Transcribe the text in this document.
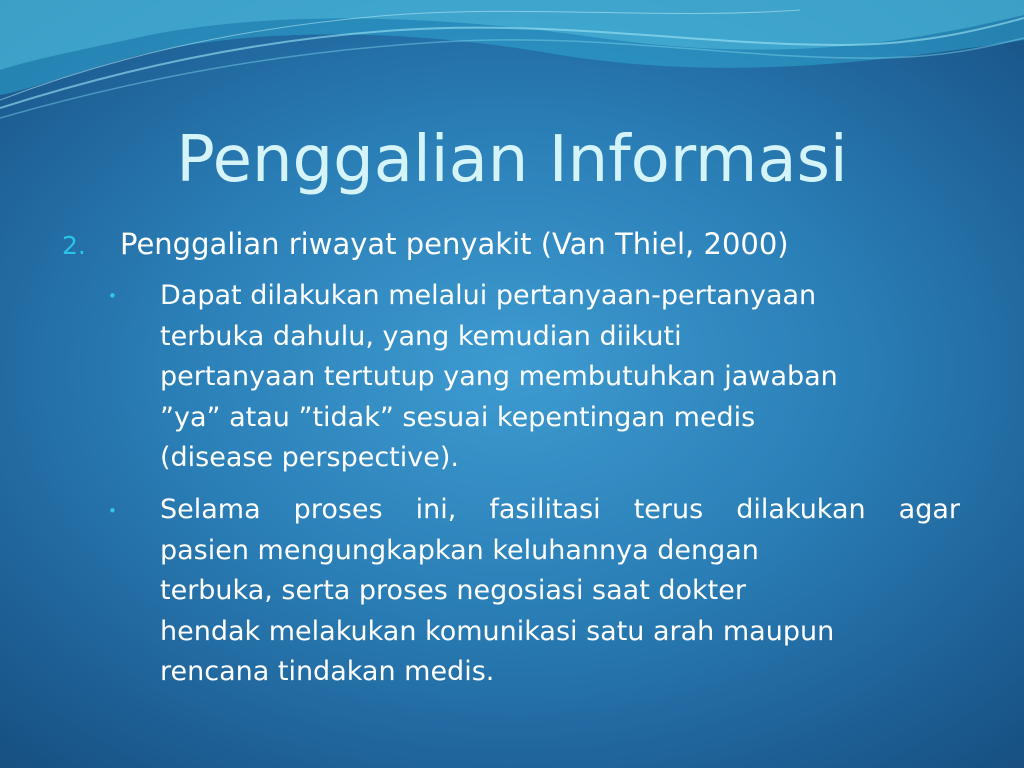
Penggalian Informasi
2. Penggalian riwayat penyakit (Van Thiel, 2000)
• Dapat dilakukan melalui pertanyaan-pertanyaan
terbuka dahulu, yang kemudian diikuti
pertanyaan tertutup yang membutuhkan jawaban
”ya” atau ”tidak” sesuai kepentingan medis
(disease perspective).
• Selama proses ini, fasilitasi terus dilakukan agar
pasien mengungkapkan keluhannya dengan
terbuka, serta proses negosiasi saat dokter
hendak melakukan komunikasi satu arah maupun
rencana tindakan medis.
